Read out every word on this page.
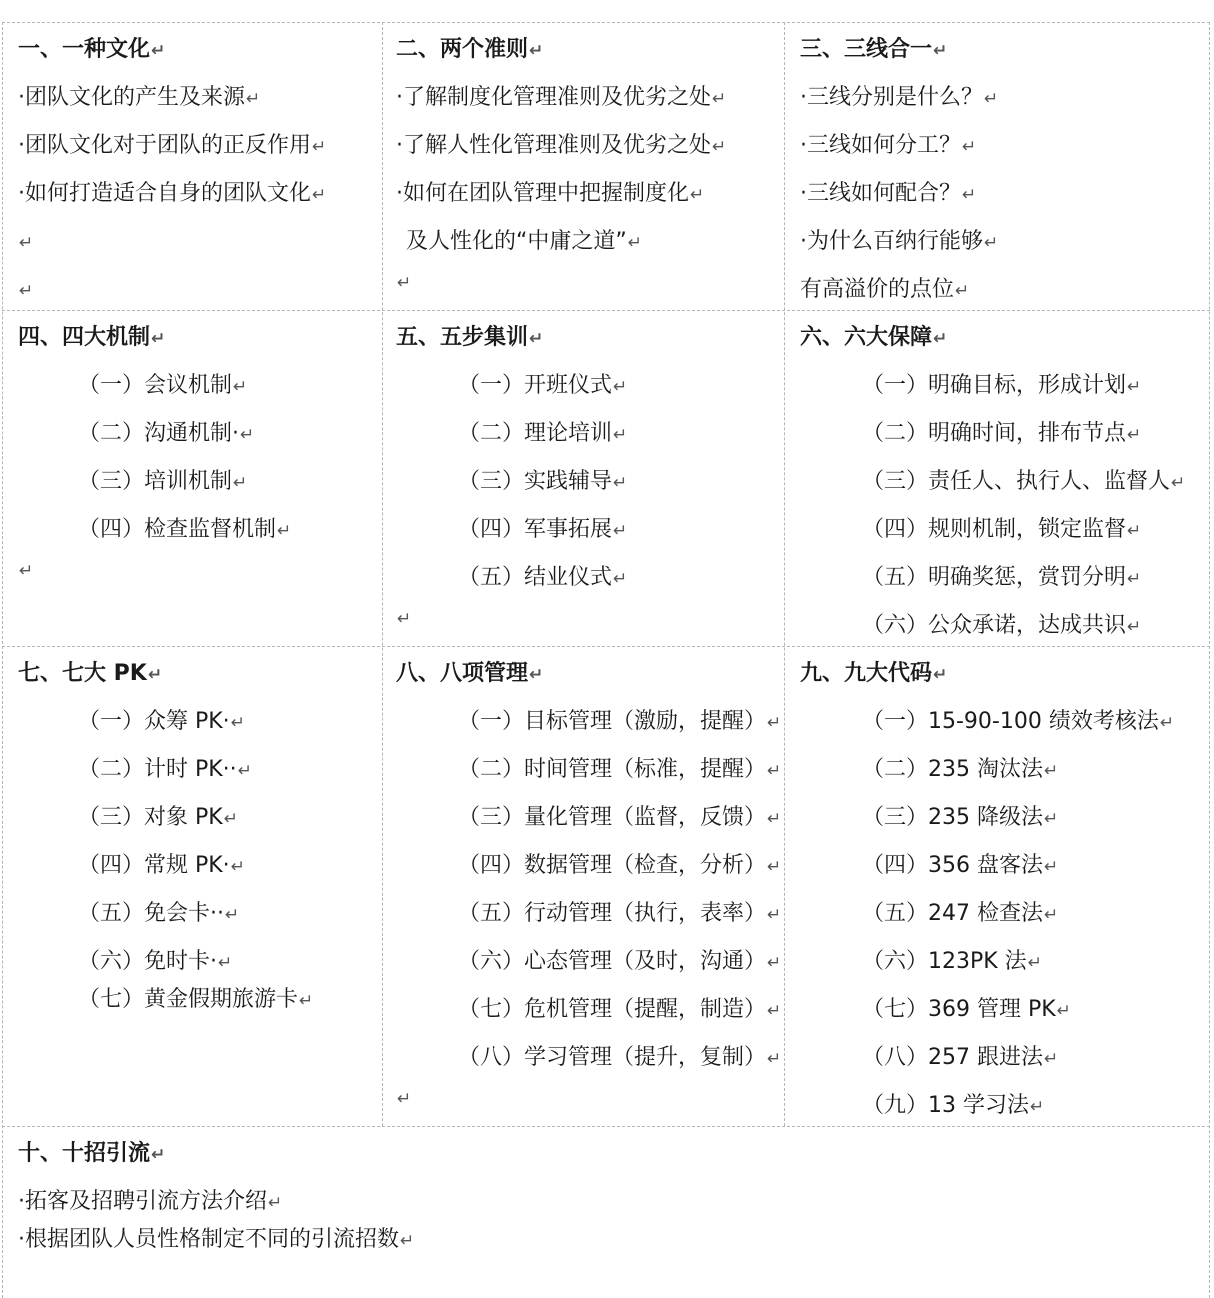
一、一种文化↵
·团队文化的产生及来源↵
·团队文化对于团队的正反作用↵
·如何打造适合自身的团队文化↵
↵
↵
二、两个准则↵
·了解制度化管理准则及优劣之处↵
·了解人性化管理准则及优劣之处↵
·如何在团队管理中把握制度化↵
及人性化的“中庸之道”↵
↵
三、三线合一↵
·三线分别是什么？↵
·三线如何分工？↵
·三线如何配合？↵
·为什么百纳行能够↵
有高溢价的点位↵
四、四大机制↵
（一）会议机制↵
（二）沟通机制·↵
（三）培训机制↵
（四）检查监督机制↵
↵
五、五步集训↵
（一）开班仪式↵
（二）理论培训↵
（三）实践辅导↵
（四）军事拓展↵
（五）结业仪式↵
↵
六、六大保障↵
（一）明确目标，形成计划↵
（二）明确时间，排布节点↵
（三）责任人、执行人、监督人↵
（四）规则机制，锁定监督↵
（五）明确奖惩，赏罚分明↵
（六）公众承诺，达成共识↵
七、七大 PK↵
（一）众筹 PK·↵
（二）计时 PK··↵
（三）对象 PK↵
（四）常规 PK·↵
（五）免会卡··↵
（六）免时卡·↵
（七）黄金假期旅游卡↵
八、八项管理↵
（一）目标管理（激励，提醒）↵
（二）时间管理（标准，提醒）↵
（三）量化管理（监督，反馈）↵
（四）数据管理（检查，分析）↵
（五）行动管理（执行，表率）↵
（六）心态管理（及时，沟通）↵
（七）危机管理（提醒，制造）↵
（八）学习管理（提升，复制）↵
↵
九、九大代码↵
（一）15-90-100 绩效考核法↵
（二）235 淘汰法↵
（三）235 降级法↵
（四）356 盘客法↵
（五）247 检查法↵
（六）123PK 法↵
（七）369 管理 PK↵
（八）257 跟进法↵
（九）13 学习法↵
十、十招引流↵
·拓客及招聘引流方法介绍↵
·根据团队人员性格制定不同的引流招数↵
